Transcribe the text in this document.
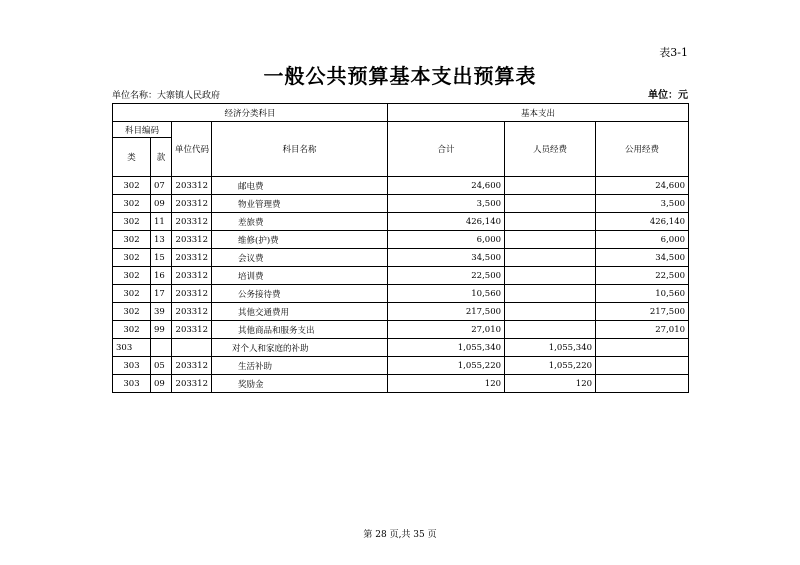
表3-1
一般公共预算基本支出预算表
单位名称：大寨镇人民政府	单位：元
经济分类科目				基本支出		
科目编码		单位代码	科目名称	合计	人员经费	公用经费
类	款					
302	07	203312	邮电费	24,600		24,600
302	09	203312	物业管理费	3,500		3,500
302	11	203312	差旅费	426,140		426,140
302	13	203312	维修(护)费	6,000		6,000
302	15	203312	会议费	34,500		34,500
302	16	203312	培训费	22,500		22,500
302	17	203312	公务接待费	10,560		10,560
302	39	203312	其他交通费用	217,500		217,500
302	99	203312	其他商品和服务支出	27,010		27,010
303			对个人和家庭的补助	1,055,340	1,055,340	
303	05	203312	生活补助	1,055,220	1,055,220	
303	09	203312	奖励金	120	120	
第 28 页,共 35 页
